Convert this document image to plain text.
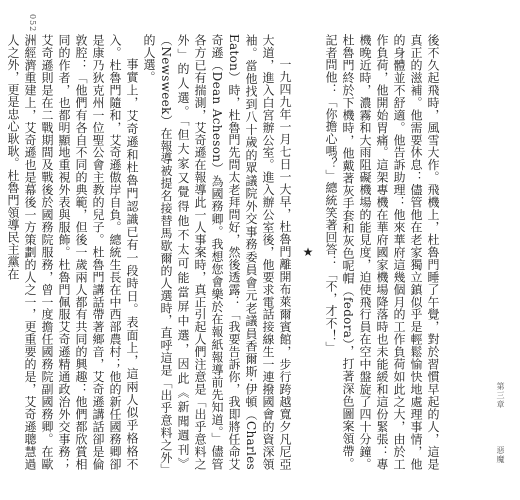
052

後不久起飛時，風雪大作。飛機上，杜魯門睡了午覺，對於習慣早起的人，這是真正的滋補。他需要休息：儘管他在老家獨立鎮似乎是輕鬆愉快地處理事情，他的身體並不舒適。他告訴助理：他來華府這幾個月的工作負荷如此之大，由於工作負荷，他開始胃痛。這架專機在華府國家機場降落時也未能緩和這份緊張：專機晚近時，濃霧和大雨阻礙機場的能見度，迫使飛行員在空中盤旋了四十分鐘。杜魯門終於下機時，他戴著灰手套和灰色呢帽（fedora），打著深色圖案領帶。記者問他：「你擔心嗎？」總統笑著回答：「不，才不！」

★

一九四九年一月七日一大早，杜魯門離開布萊爾賓館，步行跨越寬夕凡尼亞大道，進入白宮辦公室。進入辦公室後，他要求電話接線生一連撥國會的資深領袖。當他找到八十歲的眾議院外交事務委員會元老議員香爾斯·伊頓（Charles Eaton）時，杜魯門先問太老拜問好，然後透露：「我要告訴你，我即將任命艾奇遜（Dean Acheson）為國務卿。我想您會樂於在報紙報導前先知道。」儘管各方已有揣測，艾奇遜在報導此一人事案時，真正引起人們注意是「出乎意料之外」的人選。「但大家又覺得他不太可能當屏中選，因此《新聞週刊》（Newsweek）在報導被提名接替馬歇爾的人選時，直呼這是「出乎意料之外」的人選。

事實上，艾奇遜和杜魯門認識已有一段時日。表面上，這兩人似乎格格不入。杜魯門隨和，艾奇遜傲岸自負。總統生長在中西部農村；他的新任國務卿卻是康乃狄克州一位聖公會主教的兒子。杜魯門講話帶著鄉音，艾奇遜講話卻是倫敦腔：「他們有各自不同的典範，但後一歲兩人都有共同的興趣：他們都欣賞相同的作者，也都明顯地重視外表與服飾。杜魯門佩服艾奇遜精通政治外交事務；艾奇遜則是在二戰期間及戰後於國務院服務，曾一度擔任國務院副國務卿。在歐洲經濟重建上，艾奇遜也是幕後一方策劃的人之一，更重要的是，艾奇遜聰慧過人之外，更是忠心耿耿。杜魯門領導民主黨在

第三章
惡魔
